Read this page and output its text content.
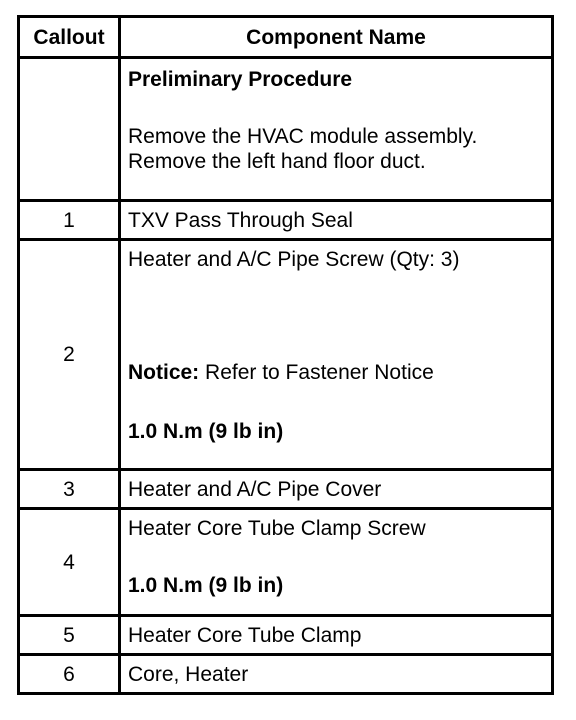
Callout	Component Name

	Preliminary Procedure
Remove the HVAC module assembly.
Remove the left hand floor duct.

1	TXV Pass Through Seal
2	Heater and A/C Pipe Screw (Qty: 3)
Notice: Refer to Fastener Notice
1.0 N.m (9 lb in)

3	Heater and A/C Pipe Cover
4	Heater Core Tube Clamp Screw
1.0 N.m (9 lb in)

5	Heater Core Tube Clamp
6	Core, Heater
